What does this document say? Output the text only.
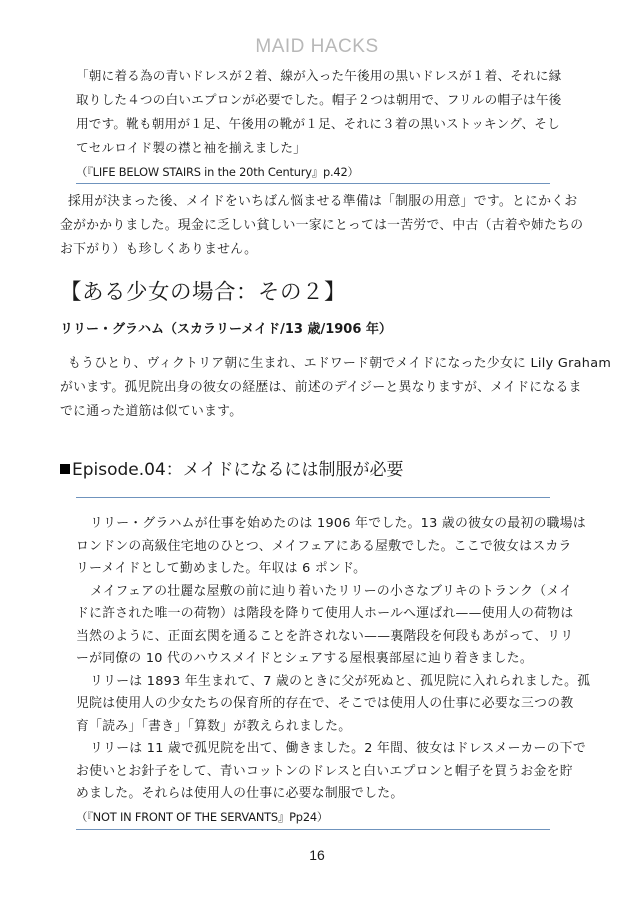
MAID HACKS
「朝に着る為の青いドレスが２着、線が入った午後用の黒いドレスが１着、それに縁
取りした４つの白いエプロンが必要でした。帽子２つは朝用で、フリルの帽子は午後
用です。靴も朝用が１足、午後用の靴が１足、それに３着の黒いストッキング、そし
てセルロイド製の襟と袖を揃えました」
（『LIFE BELOW STAIRS in the 20th Century』p.42）
採用が決まった後、メイドをいちばん悩ませる準備は「制服の用意」です。とにかくお
金がかかりました。現金に乏しい貧しい一家にとっては一苦労で、中古（古着や姉たちの
お下がり）も珍しくありません。
【ある少女の場合：その２】
リリー・グラハム（スカラリーメイド/13 歳/1906 年）
もうひとり、ヴィクトリア朝に生まれ、エドワード朝でメイドになった少女に Lily Graham
がいます。孤児院出身の彼女の経歴は、前述のデイジーと異なりますが、メイドになるま
でに通った道筋は似ています。
Episode.04：メイドになるには制服が必要
リリー・グラハムが仕事を始めたのは 1906 年でした。13 歳の彼女の最初の職場は
ロンドンの高級住宅地のひとつ、メイフェアにある屋敷でした。ここで彼女はスカラ
リーメイドとして勤めました。年収は 6 ポンド。
メイフェアの壮麗な屋敷の前に辿り着いたリリーの小さなブリキのトランク（メイ
ドに許された唯一の荷物）は階段を降りて使用人ホールへ運ばれ——使用人の荷物は
当然のように、正面玄関を通ることを許されない——裏階段を何段もあがって、リリ
ーが同僚の 10 代のハウスメイドとシェアする屋根裏部屋に辿り着きました。
リリーは 1893 年生まれて、7 歳のときに父が死ぬと、孤児院に入れられました。孤
児院は使用人の少女たちの保育所的存在で、そこでは使用人の仕事に必要な三つの教
育「読み」「書き」「算数」が教えられました。
リリーは 11 歳で孤児院を出て、働きました。2 年間、彼女はドレスメーカーの下で
お使いとお針子をして、青いコットンのドレスと白いエプロンと帽子を買うお金を貯
めました。それらは使用人の仕事に必要な制服でした。
（『NOT IN FRONT OF THE SERVANTS』Pp24）
16
